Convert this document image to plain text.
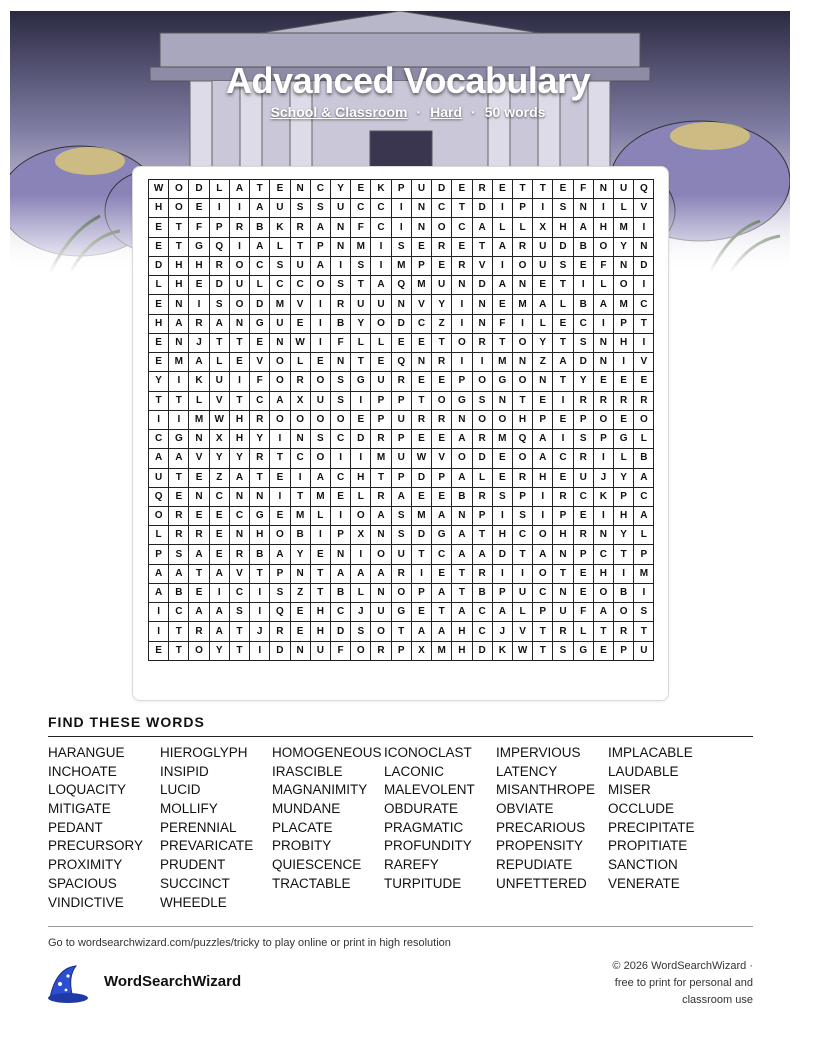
Advanced Vocabulary
School & Classroom · Hard · 50 words
W	O	D	L	A	T	E	N	C	Y	E	K	P	U	D	E	R	E	T	T	E	F	N	U	Q
H	O	E	I	I	A	U	S	S	U	C	C	I	N	C	T	D	I	P	I	S	N	I	L	V
E	T	F	P	R	B	K	R	A	N	F	C	I	N	O	C	A	L	L	X	H	A	H	M	I
E	T	G	Q	I	A	L	T	P	N	M	I	S	E	R	E	T	A	R	U	D	B	O	Y	N
D	H	H	R	O	C	S	U	A	I	S	I	M	P	E	R	V	I	O	U	S	E	F	N	D
L	H	E	D	U	L	C	C	O	S	T	A	Q	M	U	N	D	A	N	E	T	I	L	O	I
E	N	I	S	O	D	M	V	I	R	U	U	N	V	Y	I	N	E	M	A	L	B	A	M	C
H	A	R	A	N	G	U	E	I	B	Y	O	D	C	Z	I	N	F	I	L	E	C	I	P	T
E	N	J	T	T	E	N	W	I	F	L	L	E	E	T	O	R	T	O	Y	T	S	N	H	I
E	M	A	L	E	V	O	L	E	N	T	E	Q	N	R	I	I	M	N	Z	A	D	N	I	V
Y	I	K	U	I	F	O	R	O	S	G	U	R	E	E	P	O	G	O	N	T	Y	E	E	E
T	T	L	V	T	C	A	X	U	S	I	P	P	T	O	G	S	N	T	E	I	R	R	R	R
I	I	M	W	H	R	O	O	O	O	E	P	U	R	R	N	O	O	H	P	E	P	O	E	O
C	G	N	X	H	Y	I	N	S	C	D	R	P	E	E	A	R	M	Q	A	I	S	P	G	L
A	A	V	Y	Y	R	T	C	O	I	I	M	U	W	V	O	D	E	O	A	C	R	I	L	B
U	T	E	Z	A	T	E	I	A	C	H	T	P	D	P	A	L	E	R	H	E	U	J	Y	A
Q	E	N	C	N	N	I	T	M	E	L	R	A	E	E	B	R	S	P	I	R	C	K	P	C
O	R	E	E	C	G	E	M	L	I	O	A	S	M	A	N	P	I	S	I	P	E	I	H	A
L	R	R	E	N	H	O	B	I	P	X	N	S	D	G	A	T	H	C	O	H	R	N	Y	L
P	S	A	E	R	B	A	Y	E	N	I	O	U	T	C	A	A	D	T	A	N	P	C	T	P
A	A	T	A	V	T	P	N	T	A	A	A	R	I	E	T	R	I	I	O	T	E	H	I	M
A	B	E	I	C	I	S	Z	T	B	L	N	O	P	A	T	B	P	U	C	N	E	O	B	I
I	C	A	A	S	I	Q	E	H	C	J	U	G	E	T	A	C	A	L	P	U	F	A	O	S
I	T	R	A	T	J	R	E	H	D	S	O	T	A	A	H	C	J	V	T	R	L	T	R	T
E	T	O	Y	T	I	D	N	U	F	O	R	P	X	M	H	D	K	W	T	S	G	E	P	U
FIND THESE WORDS
HARANGUE	HIEROGLYPH	HOMOGENEOUS ICONOCLAST	IMPERVIOUS	IMPLACABLE
INCHOATE	INSIPID	IRASCIBLE	LACONIC	LATENCY	LAUDABLE
LOQUACITY	LUCID	MAGNANIMITY	MALEVOLENT	MISANTHROPE MISER
MITIGATE	MOLLIFY	MUNDANE	OBDURATE	OBVIATE	OCCLUDE
PEDANT	PERENNIAL	PLACATE	PRAGMATIC	PRECARIOUS	PRECIPITATE
PRECURSORY	PREVARICATE	PROBITY	PROFUNDITY	PROPENSITY	PROPITIATE
PROXIMITY	PRUDENT	QUIESCENCE	RAREFY	REPUDIATE	SANCTION
SPACIOUS	SUCCINCT	TRACTABLE	TURPITUDE	UNFETTERED	VENERATE
VINDICTIVE	WHEEDLE
Go to wordsearchwizard.com/puzzles/tricky to play online or print in high resolution
WordSearchWizard
© 2026 WordSearchWizard ·
free to print for personal and
classroom use
